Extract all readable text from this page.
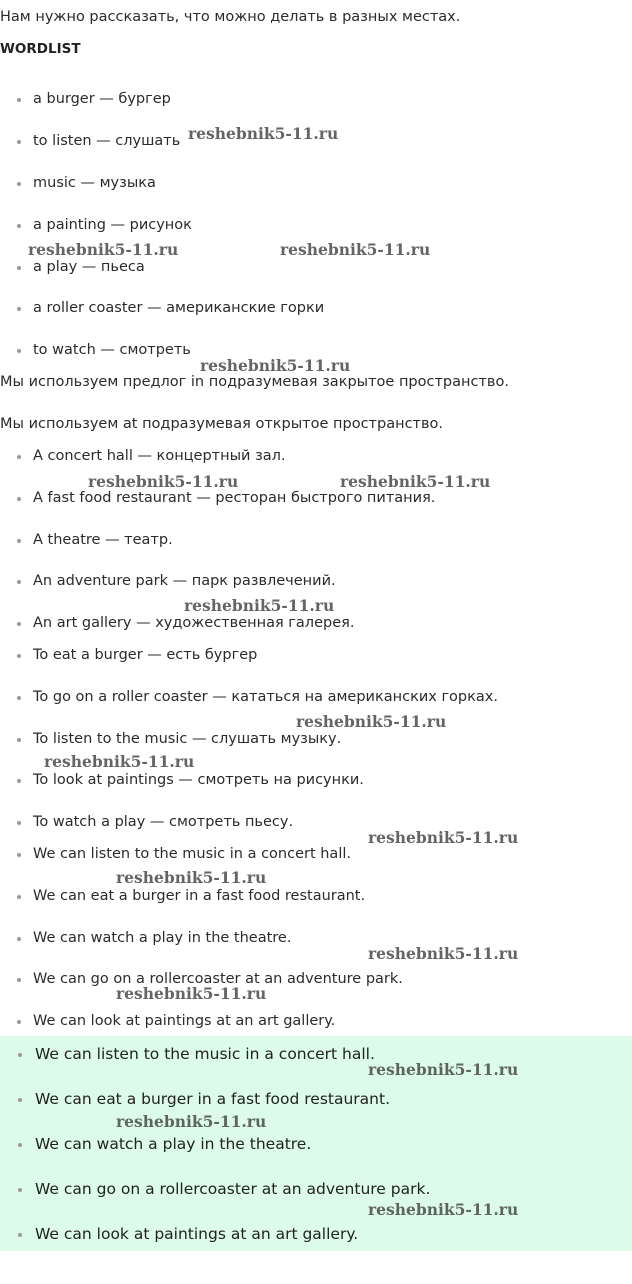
Нам нужно рассказать, что можно делать в разных местах.
WORDLIST
a burger — бургер
to listen — слушать
music — музыка
a painting — рисунок
a play — пьеса
a roller coaster — американские горки
to watch — смотреть
Мы используем предлог in подразумевая закрытое пространство.
Мы используем at подразумевая открытое пространство.
A concert hall — концертный зал.
A fast food restaurant — ресторан быстрого питания.
A theatre — театр.
An adventure park — парк развлечений.
An art gallery — художественная галерея.
To eat a burger — есть бургер
To go on a roller coaster — кататься на американских горках.
To listen to the music — слушать музыку.
To look at paintings — смотреть на рисунки.
To watch a play — смотреть пьесу.
We can listen to the music in a concert hall.
We can eat a burger in a fast food restaurant.
We can watch a play in the theatre.
We can go on a rollercoaster at an adventure park.
We can look at paintings at an art gallery.
We can listen to the music in a concert hall.
We can eat a burger in a fast food restaurant.
We can watch a play in the theatre.
We can go on a rollercoaster at an adventure park.
We can look at paintings at an art gallery.
reshebnik5-11.ru
reshebnik5-11.ru	reshebnik5-11.ru
reshebnik5-11.ru
reshebnik5-11.ru	reshebnik5-11.ru
reshebnik5-11.ru
reshebnik5-11.ru
reshebnik5-11.ru
reshebnik5-11.ru
reshebnik5-11.ru
reshebnik5-11.ru
reshebnik5-11.ru
reshebnik5-11.ru
reshebnik5-11.ru
reshebnik5-11.ru
